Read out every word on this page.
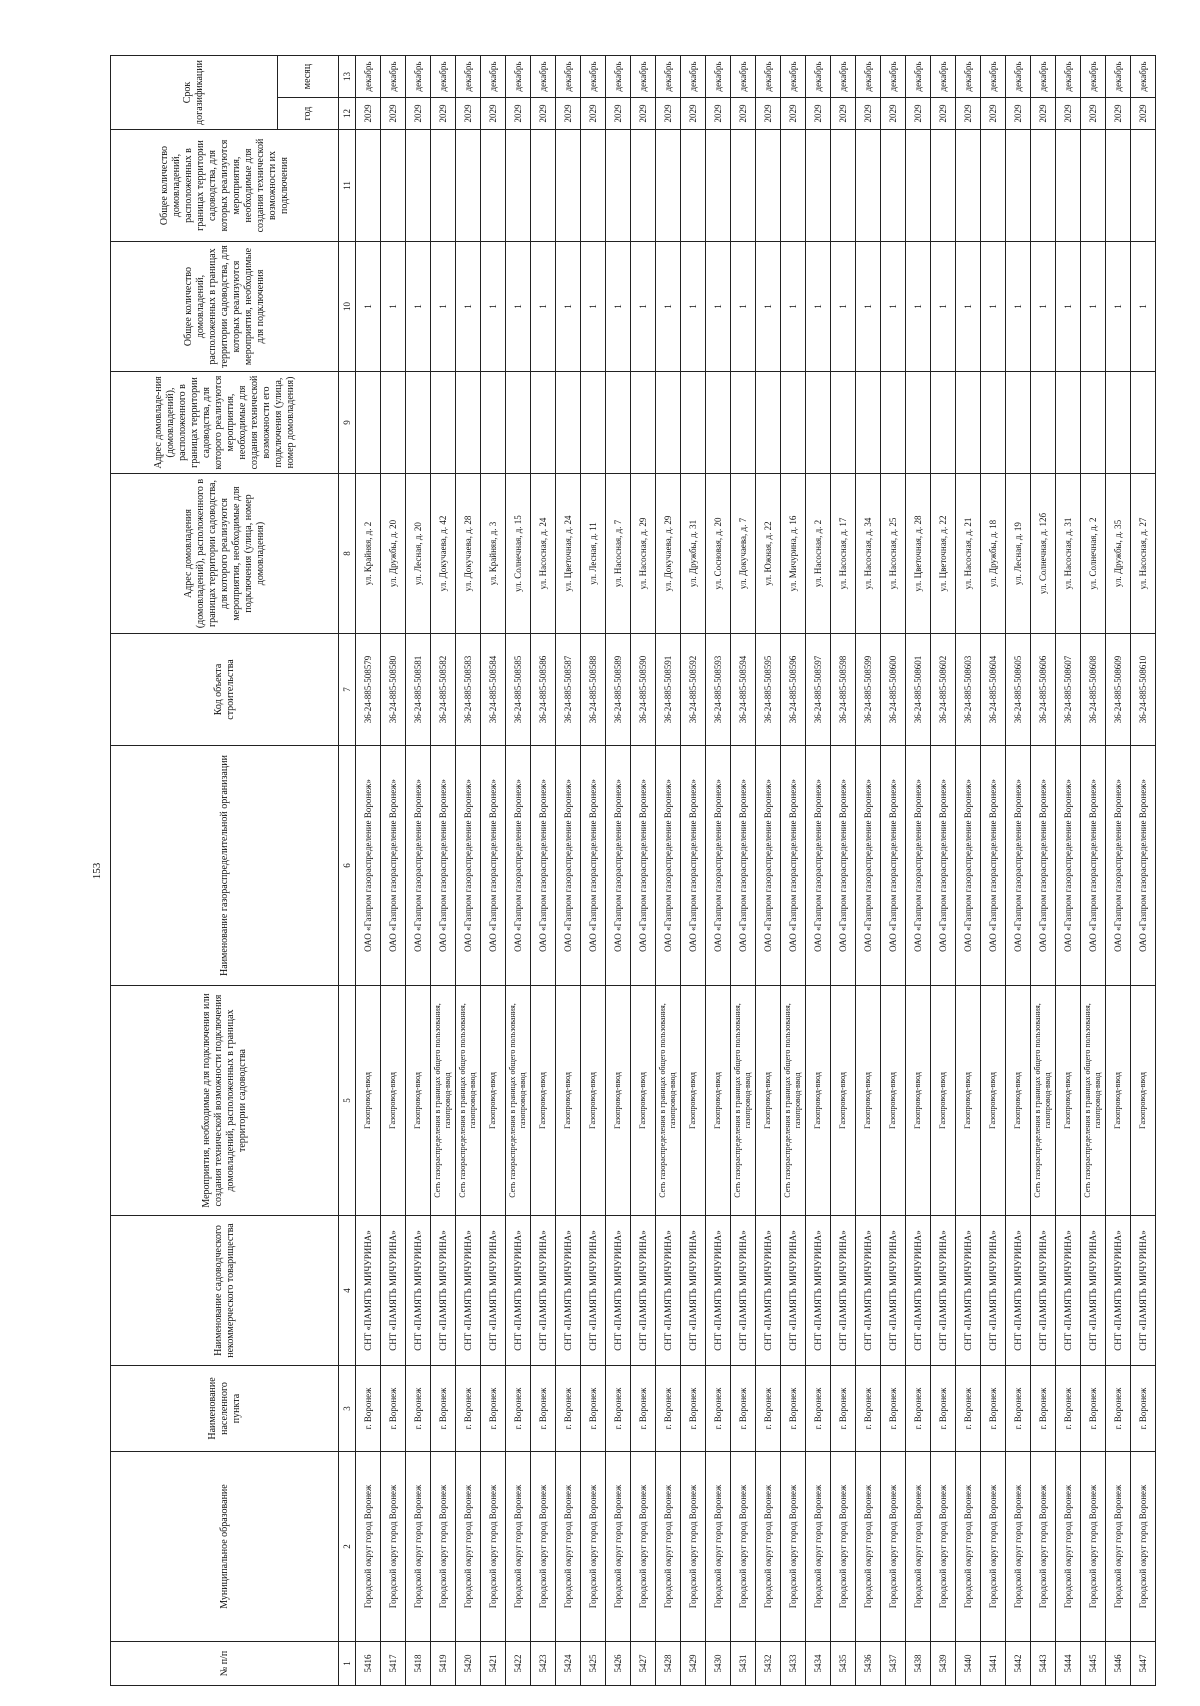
153
№ п/п	Муниципальное образование	Наименование населенного пункта	Наименование садоводческого некоммерческого товарищества	Мероприятия, необходимые для подключения или создания технической возможности подключения домовладений, расположенных в границах территории садоводства	Наименование газораспределительной организации	Код объекта строительства	Адрес домовладения (домовладений), расположенного в границах территории садоводства, для которого реализуются мероприятия, необходимые для подключения (улица, номер домовладения)	Адрес домовладе-ния (домовладений), расположенного в границах территории садоводства, для которого реализуются мероприятия, необходимые для создания технической возможности его подключения (улица, номер домовладения)	Общее количество домовладений, расположенных в границах территории садоводства, для которых реализуются мероприятия, необходимые для подключения	Общее количество домовладений, расположенных в границах территории садоводства, для которых реализуются мероприятия, необходимые для создания технической возможности их подключения	Срок догазификации	
											год	месяц
1	2	3	4	5	6	7	8	9	10	11	12	13
5416	Городской округ город Воронеж	г. Воронеж	СНТ «ПАМЯТЬ МИЧУРИНА»	Газопровод-ввод	ОАО «Газпром газораспределение Воронеж»	36-24-885-508579	ул. Крайняя, д. 2		1		2029	декабрь
5417	Городской округ город Воронеж	г. Воронеж	СНТ «ПАМЯТЬ МИЧУРИНА»	Газопровод-ввод	ОАО «Газпром газораспределение Воронеж»	36-24-885-508580	ул. Дружбы, д. 20		1		2029	декабрь
5418	Городской округ город Воронеж	г. Воронеж	СНТ «ПАМЯТЬ МИЧУРИНА»	Газопровод-ввод	ОАО «Газпром газораспределение Воронеж»	36-24-885-508581	ул. Лесная, д. 20		1		2029	декабрь
5419	Городской округ город Воронеж	г. Воронеж	СНТ «ПАМЯТЬ МИЧУРИНА»	Сеть газораспределения в границах общего пользования, газопровод-ввод	ОАО «Газпром газораспределение Воронеж»	36-24-885-508582	ул. Докучаева, д. 42		1		2029	декабрь
5420	Городской округ город Воронеж	г. Воронеж	СНТ «ПАМЯТЬ МИЧУРИНА»	Сеть газораспределения в границах общего пользования, газопровод-ввод	ОАО «Газпром газораспределение Воронеж»	36-24-885-508583	ул. Докучаева, д. 28		1		2029	декабрь
5421	Городской округ город Воронеж	г. Воронеж	СНТ «ПАМЯТЬ МИЧУРИНА»	Газопровод-ввод	ОАО «Газпром газораспределение Воронеж»	36-24-885-508584	ул. Крайняя, д. 3		1		2029	декабрь
5422	Городской округ город Воронеж	г. Воронеж	СНТ «ПАМЯТЬ МИЧУРИНА»	Сеть газораспределения в границах общего пользования, газопровод-ввод	ОАО «Газпром газораспределение Воронеж»	36-24-885-508585	ул. Солнечная, д. 15		1		2029	декабрь
5423	Городской округ город Воронеж	г. Воронеж	СНТ «ПАМЯТЬ МИЧУРИНА»	Газопровод-ввод	ОАО «Газпром газораспределение Воронеж»	36-24-885-508586	ул. Насосная, д. 24		1		2029	декабрь
5424	Городской округ город Воронеж	г. Воронеж	СНТ «ПАМЯТЬ МИЧУРИНА»	Газопровод-ввод	ОАО «Газпром газораспределение Воронеж»	36-24-885-508587	ул. Цветочная, д. 24		1		2029	декабрь
5425	Городской округ город Воронеж	г. Воронеж	СНТ «ПАМЯТЬ МИЧУРИНА»	Газопровод-ввод	ОАО «Газпром газораспределение Воронеж»	36-24-885-508588	ул. Лесная, д. 11		1		2029	декабрь
5426	Городской округ город Воронеж	г. Воронеж	СНТ «ПАМЯТЬ МИЧУРИНА»	Газопровод-ввод	ОАО «Газпром газораспределение Воронеж»	36-24-885-508589	ул. Насосная, д. 7		1		2029	декабрь
5427	Городской округ город Воронеж	г. Воронеж	СНТ «ПАМЯТЬ МИЧУРИНА»	Газопровод-ввод	ОАО «Газпром газораспределение Воронеж»	36-24-885-508590	ул. Насосная, д. 29		1		2029	декабрь
5428	Городской округ город Воронеж	г. Воронеж	СНТ «ПАМЯТЬ МИЧУРИНА»	Сеть газораспределения в границах общего пользования, газопровод-ввод	ОАО «Газпром газораспределение Воронеж»	36-24-885-508591	ул. Докучаева, д. 29		1		2029	декабрь
5429	Городской округ город Воронеж	г. Воронеж	СНТ «ПАМЯТЬ МИЧУРИНА»	Газопровод-ввод	ОАО «Газпром газораспределение Воронеж»	36-24-885-508592	ул. Дружбы, д. 31		1		2029	декабрь
5430	Городской округ город Воронеж	г. Воронеж	СНТ «ПАМЯТЬ МИЧУРИНА»	Газопровод-ввод	ОАО «Газпром газораспределение Воронеж»	36-24-885-508593	ул. Сосновая, д. 20		1		2029	декабрь
5431	Городской округ город Воронеж	г. Воронеж	СНТ «ПАМЯТЬ МИЧУРИНА»	Сеть газораспределения в границах общего пользования, газопровод-ввод	ОАО «Газпром газораспределение Воронеж»	36-24-885-508594	ул. Докучаева, д. 7		1		2029	декабрь
5432	Городской округ город Воронеж	г. Воронеж	СНТ «ПАМЯТЬ МИЧУРИНА»	Газопровод-ввод	ОАО «Газпром газораспределение Воронеж»	36-24-885-508595	ул. Южная, д. 22		1		2029	декабрь
5433	Городской округ город Воронеж	г. Воронеж	СНТ «ПАМЯТЬ МИЧУРИНА»	Сеть газораспределения в границах общего пользования, газопровод-ввод	ОАО «Газпром газораспределение Воронеж»	36-24-885-508596	ул. Мичурина, д. 16		1		2029	декабрь
5434	Городской округ город Воронеж	г. Воронеж	СНТ «ПАМЯТЬ МИЧУРИНА»	Газопровод-ввод	ОАО «Газпром газораспределение Воронеж»	36-24-885-508597	ул. Насосная, д. 2		1		2029	декабрь
5435	Городской округ город Воронеж	г. Воронеж	СНТ «ПАМЯТЬ МИЧУРИНА»	Газопровод-ввод	ОАО «Газпром газораспределение Воронеж»	36-24-885-508598	ул. Насосная, д. 17		1		2029	декабрь
5436	Городской округ город Воронеж	г. Воронеж	СНТ «ПАМЯТЬ МИЧУРИНА»	Газопровод-ввод	ОАО «Газпром газораспределение Воронеж»	36-24-885-508599	ул. Насосная, д. 34		1		2029	декабрь
5437	Городской округ город Воронеж	г. Воронеж	СНТ «ПАМЯТЬ МИЧУРИНА»	Газопровод-ввод	ОАО «Газпром газораспределение Воронеж»	36-24-885-508600	ул. Насосная, д. 25		1		2029	декабрь
5438	Городской округ город Воронеж	г. Воронеж	СНТ «ПАМЯТЬ МИЧУРИНА»	Газопровод-ввод	ОАО «Газпром газораспределение Воронеж»	36-24-885-508601	ул. Цветочная, д. 28		1		2029	декабрь
5439	Городской округ город Воронеж	г. Воронеж	СНТ «ПАМЯТЬ МИЧУРИНА»	Газопровод-ввод	ОАО «Газпром газораспределение Воронеж»	36-24-885-508602	ул. Цветочная, д. 22		1		2029	декабрь
5440	Городской округ город Воронеж	г. Воронеж	СНТ «ПАМЯТЬ МИЧУРИНА»	Газопровод-ввод	ОАО «Газпром газораспределение Воронеж»	36-24-885-508603	ул. Насосная, д. 21		1		2029	декабрь
5441	Городской округ город Воронеж	г. Воронеж	СНТ «ПАМЯТЬ МИЧУРИНА»	Газопровод-ввод	ОАО «Газпром газораспределение Воронеж»	36-24-885-508604	ул. Дружбы, д. 18		1		2029	декабрь
5442	Городской округ город Воронеж	г. Воронеж	СНТ «ПАМЯТЬ МИЧУРИНА»	Газопровод-ввод	ОАО «Газпром газораспределение Воронеж»	36-24-885-508605	ул. Лесная, д. 19		1		2029	декабрь
5443	Городской округ город Воронеж	г. Воронеж	СНТ «ПАМЯТЬ МИЧУРИНА»	Сеть газораспределения в границах общего пользования, газопровод-ввод	ОАО «Газпром газораспределение Воронеж»	36-24-885-508606	ул. Солнечная, д. 12б		1		2029	декабрь
5444	Городской округ город Воронеж	г. Воронеж	СНТ «ПАМЯТЬ МИЧУРИНА»	Газопровод-ввод	ОАО «Газпром газораспределение Воронеж»	36-24-885-508607	ул. Насосная, д. 31		1		2029	декабрь
5445	Городской округ город Воронеж	г. Воронеж	СНТ «ПАМЯТЬ МИЧУРИНА»	Сеть газораспределения в границах общего пользования, газопровод-ввод	ОАО «Газпром газораспределение Воронеж»	36-24-885-508608	ул. Солнечная, д. 2		1		2029	декабрь
5446	Городской округ город Воронеж	г. Воронеж	СНТ «ПАМЯТЬ МИЧУРИНА»	Газопровод-ввод	ОАО «Газпром газораспределение Воронеж»	36-24-885-508609	ул. Дружбы, д. 35		1		2029	декабрь
5447	Городской округ город Воронеж	г. Воронеж	СНТ «ПАМЯТЬ МИЧУРИНА»	Газопровод-ввод	ОАО «Газпром газораспределение Воронеж»	36-24-885-508610	ул. Насосная, д. 27		1		2029	декабрь
